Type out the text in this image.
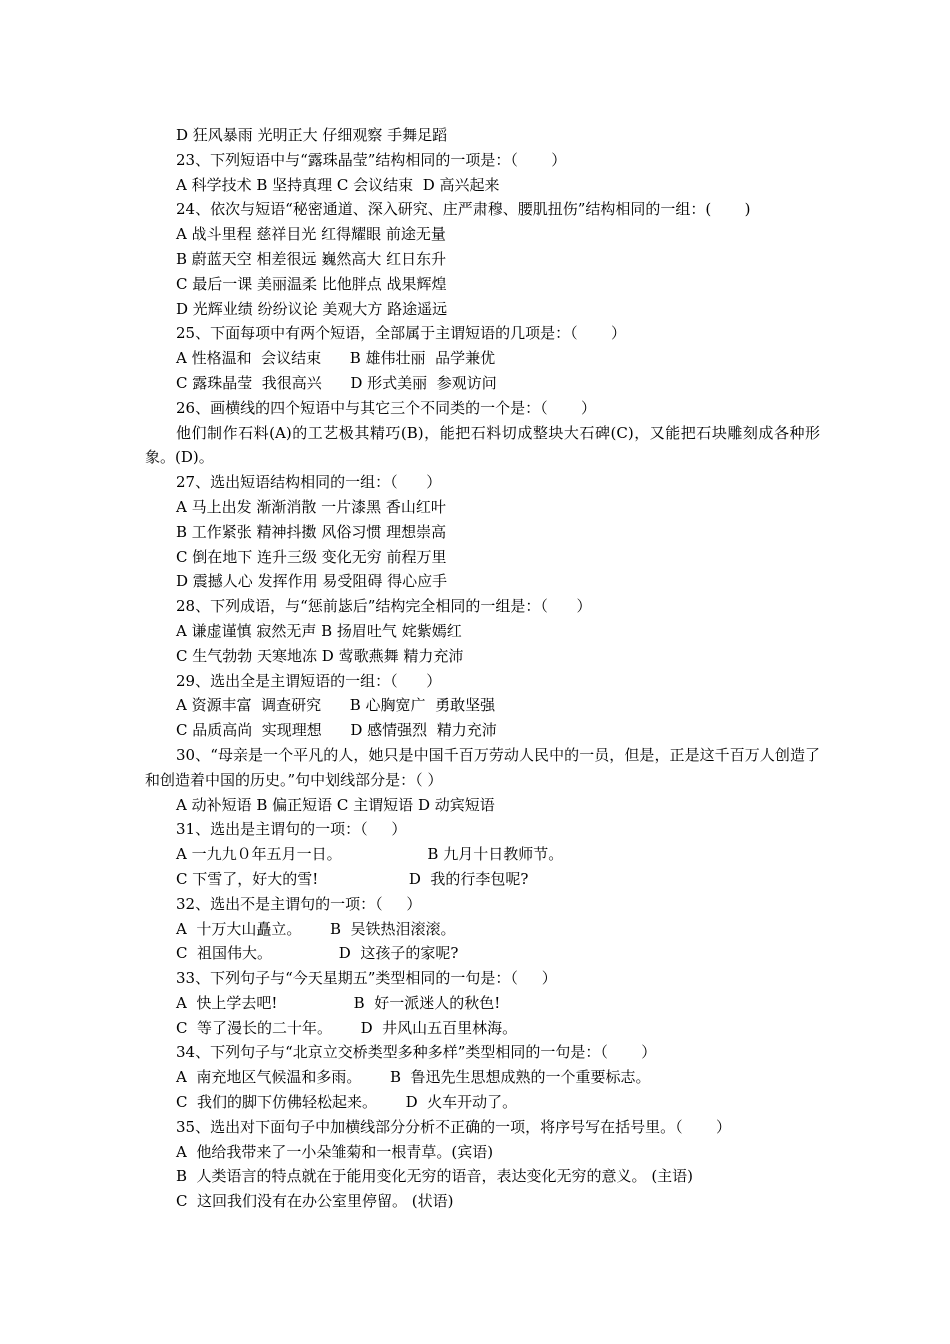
D 狂风暴雨 光明正大 仔细观察 手舞足蹈
23、下列短语中与“露珠晶莹”结构相同的一项是：（       ）
A 科学技术 B 坚持真理 C 会议结束  D 高兴起来
24、依次与短语“秘密通道、深入研究、庄严肃穆、腰肌扭伤”结构相同的一组：(       )
A 战斗里程 慈祥目光 红得耀眼 前途无量
B 蔚蓝天空 相差很远 巍然高大 红日东升
C 最后一课 美丽温柔 比他胖点 战果辉煌
D 光辉业绩 纷纷议论 美观大方 路途遥远
25、下面每项中有两个短语，全部属于主谓短语的几项是：（       ）
A 性格温和  会议结束      B 雄伟壮丽  品学兼优
C 露珠晶莹  我很高兴      D 形式美丽  参观访问
26、画横线的四个短语中与其它三个不同类的一个是：（       ）
他们制作石料(A)的工艺极其精巧(B)，能把石料切成整块大石碑(C)，又能把石块雕刻成各种形象。(D)。
27、选出短语结构相同的一组：（      ）
A 马上出发 渐渐消散 一片漆黑 香山红叶
B 工作紧张 精神抖擞 风俗习惯 理想崇高
C 倒在地下 连升三级 变化无穷 前程万里
D 震撼人心 发挥作用 易受阻碍 得心应手
28、下列成语，与“惩前毖后”结构完全相同的一组是：（      ）
A 谦虚谨慎 寂然无声 B 扬眉吐气 姹紫嫣红
C 生气勃勃 天寒地冻 D 莺歌燕舞 精力充沛
29、选出全是主谓短语的一组：（      ）
A 资源丰富  调查研究      B 心胸宽广  勇敢坚强
C 品质高尚  实现理想      D 感情强烈  精力充沛
30、“母亲是一个平凡的人，她只是中国千百万劳动人民中的一员，但是，正是这千百万人创造了和创造着中国的历史。”句中划线部分是：（ ）
A 动补短语 B 偏正短语 C 主谓短语 D 动宾短语
31、选出是主谓句的一项：（     ）
A 一九九０年五月一日。                  B 九月十日教师节。
C 下雪了，好大的雪!                   D  我的行李包呢?
32、选出不是主谓句的一项：（     ）
A  十万大山矗立。      B  吴铁热泪滚滚。
C  祖国伟大。              D  这孩子的家呢?
33、下列句子与“今天星期五”类型相同的一句是：（     ）
A  快上学去吧!                B  好一派迷人的秋色!
C  等了漫长的二十年。      D  井风山五百里林海。
34、下列句子与“北京立交桥类型多种多样”类型相同的一句是：（       ）
A  南充地区气候温和多雨。      B  鲁迅先生思想成熟的一个重要标志。
C  我们的脚下仿佛轻松起来。      D  火车开动了。
35、选出对下面句子中加横线部分分析不正确的一项，将序号写在括号里。（       ）
A  他给我带来了一小朵雏菊和一根青草。(宾语)
B  人类语言的特点就在于能用变化无穷的语音，表达变化无穷的意义。 (主语)
C  这回我们没有在办公室里停留。 (状语)
